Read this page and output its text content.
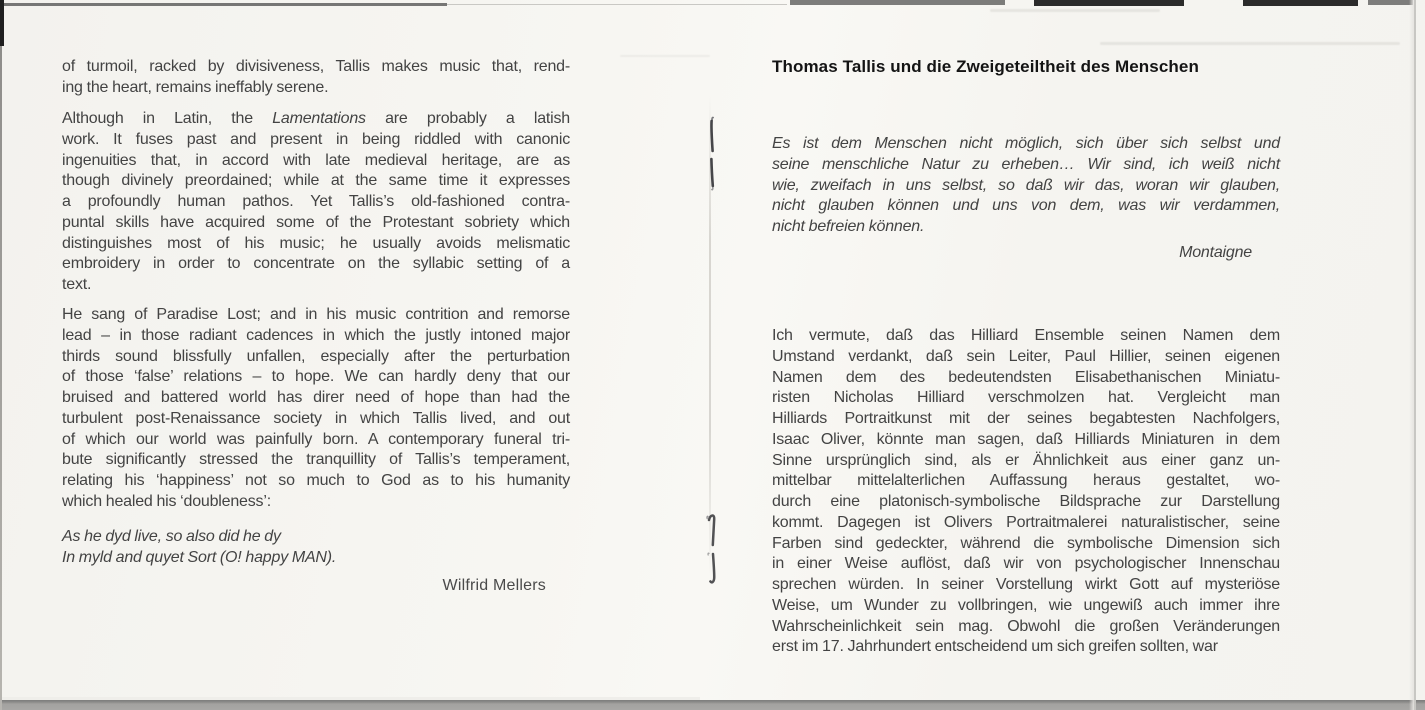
of turmoil, racked by divisiveness, Tallis makes music that, rend-
ing the heart, remains ineffably serene.
Although in Latin, the Lamentations are probably a latish
work. It fuses past and present in being riddled with canonic
ingenuities that, in accord with late medieval heritage, are as
though divinely preordained; while at the same time it expresses
a profoundly human pathos. Yet Tallis’s old-fashioned contra-
puntal skills have acquired some of the Protestant sobriety which
distinguishes most of his music; he usually avoids melismatic
embroidery in order to concentrate on the syllabic setting of a
text.
He sang of Paradise Lost; and in his music contrition and remorse
lead – in those radiant cadences in which the justly intoned major
thirds sound blissfully unfallen, especially after the perturbation
of those ‘false’ relations – to hope. We can hardly deny that our
bruised and battered world has direr need of hope than had the
turbulent post-Renaissance society in which Tallis lived, and out
of which our world was painfully born. A contemporary funeral tri-
bute significantly stressed the tranquillity of Tallis’s temperament,
relating his ‘happiness’ not so much to God as to his humanity
which healed his ‘doubleness’:
As he dyd live, so also did he dy
In myld and quyet Sort (O! happy MAN).
Wilfrid Mellers
Thomas Tallis und die Zweigeteiltheit des Menschen
Es ist dem Menschen nicht möglich, sich über sich selbst und
seine menschliche Natur zu erheben… Wir sind, ich weiß nicht
wie, zweifach in uns selbst, so daß wir das, woran wir glauben,
nicht glauben können und uns von dem, was wir verdammen,
nicht befreien können.
Montaigne
Ich vermute, daß das Hilliard Ensemble seinen Namen dem
Umstand verdankt, daß sein Leiter, Paul Hillier, seinen eigenen
Namen dem des bedeutendsten Elisabethanischen Miniatu-
risten Nicholas Hilliard verschmolzen hat. Vergleicht man
Hilliards Portraitkunst mit der seines begabtesten Nachfolgers,
Isaac Oliver, könnte man sagen, daß Hilliards Miniaturen in dem
Sinne ursprünglich sind, als er Ähnlichkeit aus einer ganz un-
mittelbar mittelalterlichen Auffassung heraus gestaltet, wo-
durch eine platonisch-symbolische Bildsprache zur Darstellung
kommt. Dagegen ist Olivers Portraitmalerei naturalistischer, seine
Farben sind gedeckter, während die symbolische Dimension sich
in einer Weise auflöst, daß wir von psychologischer Innenschau
sprechen würden. In seiner Vorstellung wirkt Gott auf mysteriöse
Weise, um Wunder zu vollbringen, wie ungewiß auch immer ihre
Wahrscheinlichkeit sein mag. Obwohl die großen Veränderungen
erst im 17. Jahrhundert entscheidend um sich greifen sollten, war
